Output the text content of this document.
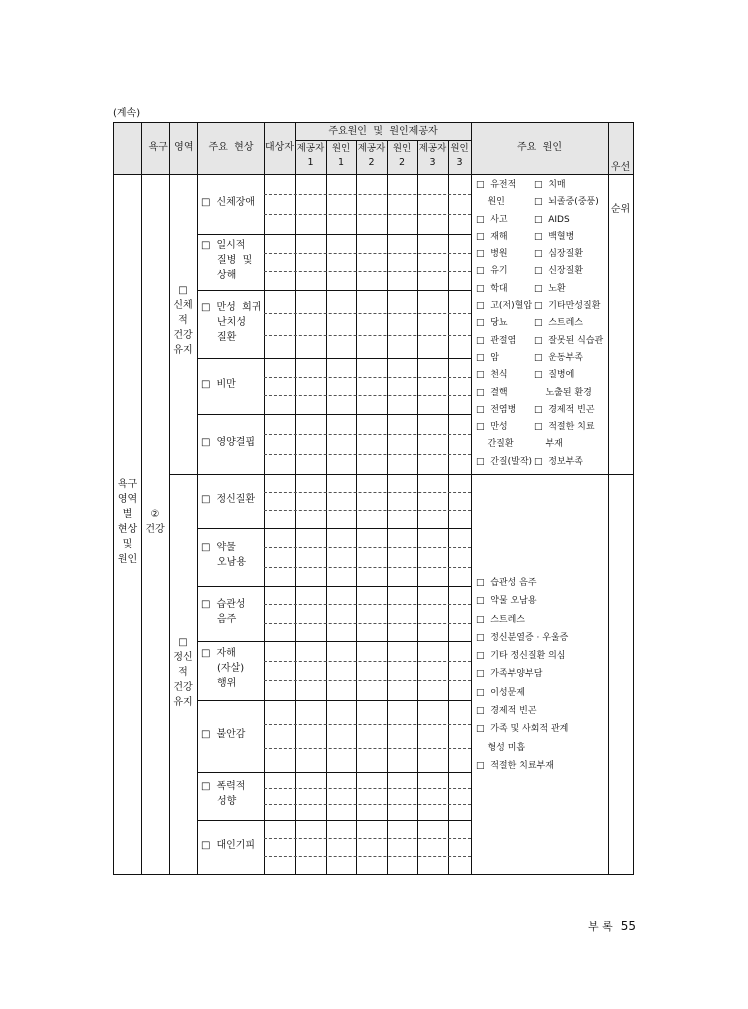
(계속)
욕구  영역	주요  현상	대상자
주요원인  및  원인제공자
제공자
1
원인
1
제공자
2
원인
2
제공자
3
원인
3
주요  원인

우선

순위

욕구
영역
별
현상
및
원인
②
건강
□
신체
적
건강
유지
□
정신
적
건강
유지
□ 신체장애
□ 일시적
질병  및
상해
□ 만성  희귀
난치성
질환
□ 비만
□ 영양결핍
□ 정신질환
□ 약물
오남용
□ 습관성
음주
□ 자해
(자살)
행위
□ 불안감
□ 폭력적
성향
□ 대인기피
□  유전적
원인
□  사고
□  재해
□  병원
□  유기
□  학대
□  고(저)혈압
□  당뇨
□  관절염
□  암
□  천식
□  결핵
□  전염병
□  만성
간질환
□  간질(발작)
□  치매
□  뇌졸중(중풍)
□  AIDS
□  백혈병
□  심장질환
□  신장질환
□  노환
□  기타만성질환
□  스트레스
□  잘못된 식습관
□  운동부족
□  질병에
노출된 환경
□  경제적 빈곤
□  적절한 치료
부재
□  정보부족
□  습관성 음주
□  약물 오남용
□  스트레스
□  정신분열증 · 우울증
□  기타 정신질환 의심
□  가족부양부담
□  이성문제
□  경제적 빈곤
□  가족 및 사회적 관계
형성 미흡
□  적절한 치료부재
부 록 55
